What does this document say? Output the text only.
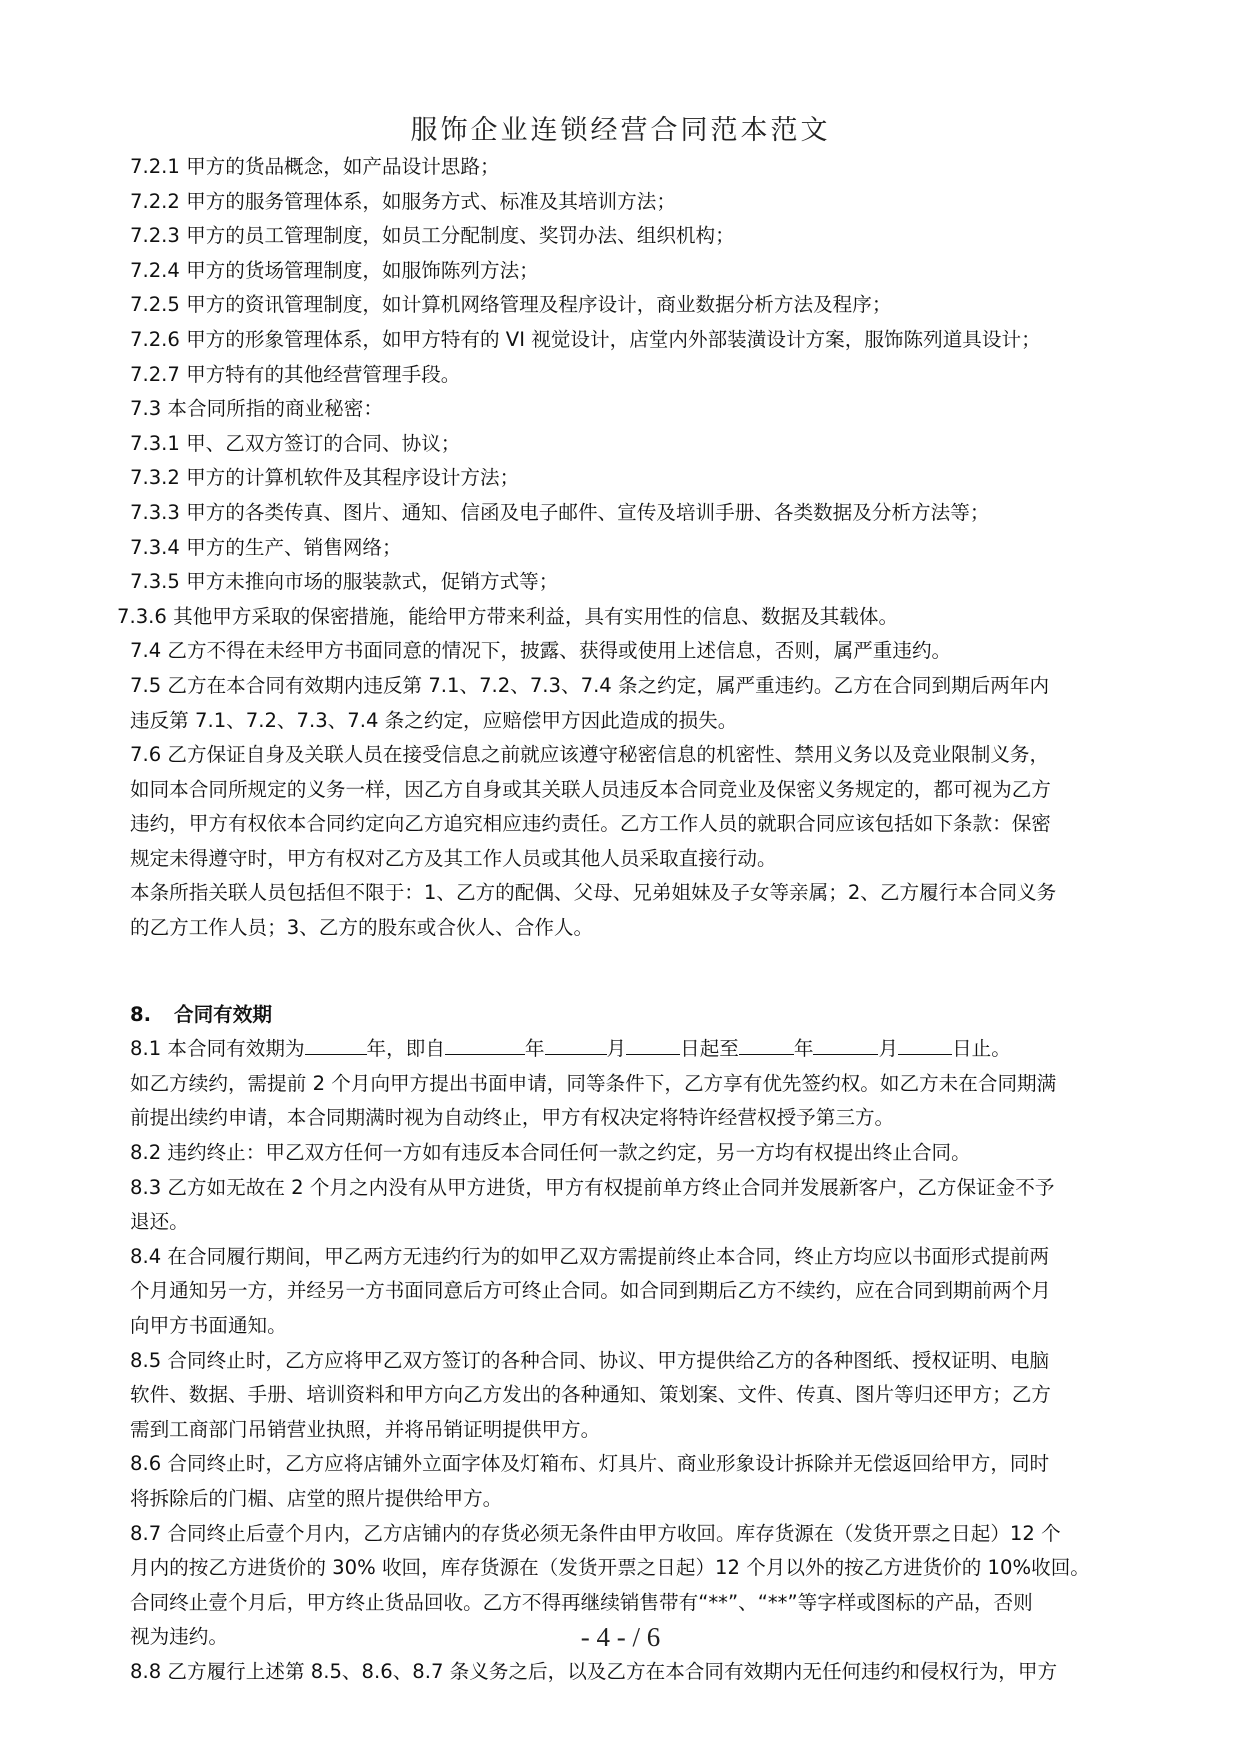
服饰企业连锁经营合同范本范文
7.2.1 甲方的货品概念，如产品设计思路；
7.2.2 甲方的服务管理体系，如服务方式、标准及其培训方法；
7.2.3 甲方的员工管理制度，如员工分配制度、奖罚办法、组织机构；
7.2.4 甲方的货场管理制度，如服饰陈列方法；
7.2.5 甲方的资讯管理制度，如计算机网络管理及程序设计，商业数据分析方法及程序；
7.2.6 甲方的形象管理体系，如甲方特有的 VI 视觉设计，店堂内外部装潢设计方案，服饰陈列道具设计；
7.2.7 甲方特有的其他经营管理手段。
7.3 本合同所指的商业秘密：
7.3.1 甲、乙双方签订的合同、协议；
7.3.2 甲方的计算机软件及其程序设计方法；
7.3.3 甲方的各类传真、图片、通知、信函及电子邮件、宣传及培训手册、各类数据及分析方法等；
7.3.4 甲方的生产、销售网络；
7.3.5 甲方未推向市场的服装款式，促销方式等；
7.3.6 其他甲方采取的保密措施，能给甲方带来利益，具有实用性的信息、数据及其载体。
7.4 乙方不得在未经甲方书面同意的情况下，披露、获得或使用上述信息，否则，属严重违约。
7.5 乙方在本合同有效期内违反第 7.1、7.2、7.3、7.4 条之约定，属严重违约。乙方在合同到期后两年内
违反第 7.1、7.2、7.3、7.4 条之约定，应赔偿甲方因此造成的损失。
7.6 乙方保证自身及关联人员在接受信息之前就应该遵守秘密信息的机密性、禁用义务以及竞业限制义务，
如同本合同所规定的义务一样，因乙方自身或其关联人员违反本合同竞业及保密义务规定的，都可视为乙方
违约，甲方有权依本合同约定向乙方追究相应违约责任。乙方工作人员的就职合同应该包括如下条款：保密
规定未得遵守时，甲方有权对乙方及其工作人员或其他人员采取直接行动。
本条所指关联人员包括但不限于：1、乙方的配偶、父母、兄弟姐妹及子女等亲属；2、乙方履行本合同义务
的乙方工作人员；3、乙方的股东或合伙人、合作人。
8. 合同有效期
8.1 本合同有效期为	年，即自	年	月	日起至	年	月	日止。
如乙方续约，需提前 2 个月向甲方提出书面申请，同等条件下，乙方享有优先签约权。如乙方未在合同期满
前提出续约申请，本合同期满时视为自动终止，甲方有权决定将特许经营权授予第三方。
8.2 违约终止：甲乙双方任何一方如有违反本合同任何一款之约定，另一方均有权提出终止合同。
8.3 乙方如无故在 2 个月之内没有从甲方进货，甲方有权提前单方终止合同并发展新客户，乙方保证金不予
退还。
8.4 在合同履行期间，甲乙两方无违约行为的如甲乙双方需提前终止本合同，终止方均应以书面形式提前两
个月通知另一方，并经另一方书面同意后方可终止合同。如合同到期后乙方不续约，应在合同到期前两个月
向甲方书面通知。
8.5 合同终止时，乙方应将甲乙双方签订的各种合同、协议、甲方提供给乙方的各种图纸、授权证明、电脑
软件、数据、手册、培训资料和甲方向乙方发出的各种通知、策划案、文件、传真、图片等归还甲方；乙方
需到工商部门吊销营业执照，并将吊销证明提供甲方。
8.6 合同终止时，乙方应将店铺外立面字体及灯箱布、灯具片、商业形象设计拆除并无偿返回给甲方，同时
将拆除后的门楣、店堂的照片提供给甲方。
8.7 合同终止后壹个月内，乙方店铺内的存货必须无条件由甲方收回。库存货源在（发货开票之日起）12 个
月内的按乙方进货价的 30% 收回，库存货源在（发货开票之日起）12 个月以外的按乙方进货价的 10%收回。
合同终止壹个月后，甲方终止货品回收。乙方不得再继续销售带有“**”、“**”等字样或图标的产品，否则
视为违约。
8.8 乙方履行上述第 8.5、8.6、8.7 条义务之后，以及乙方在本合同有效期内无任何违约和侵权行为，甲方
- 4 - / 6
